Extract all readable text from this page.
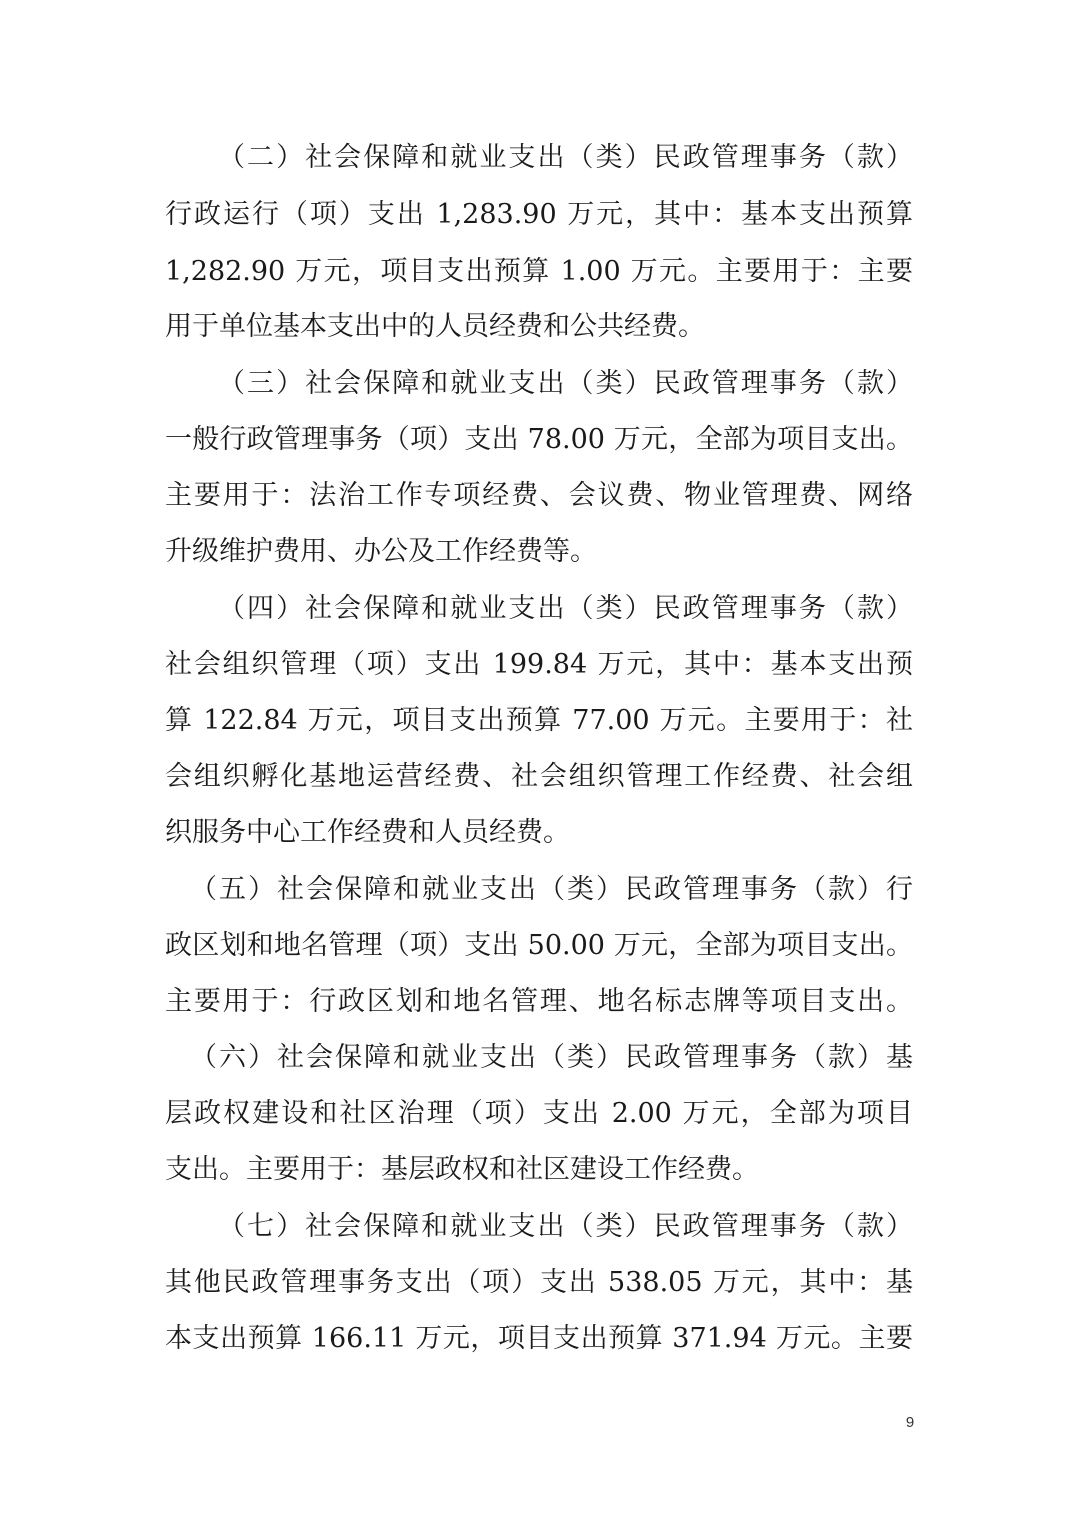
（二）社会保障和就业支出（类）民政管理事务（款）
行政运行（项）支出 1,283.90 万元，其中：基本支出预算
1,282.90 万元，项目支出预算 1.00 万元。主要用于：主要
用于单位基本支出中的人员经费和公共经费。
（三）社会保障和就业支出（类）民政管理事务（款）
一般行政管理事务（项）支出 78.00 万元，全部为项目支出。
主要用于：法治工作专项经费、会议费、物业管理费、网络
升级维护费用、办公及工作经费等。
（四）社会保障和就业支出（类）民政管理事务（款）
社会组织管理（项）支出 199.84 万元，其中：基本支出预
算 122.84 万元，项目支出预算 77.00 万元。主要用于：社
会组织孵化基地运营经费、社会组织管理工作经费、社会组
织服务中心工作经费和人员经费。
（五）社会保障和就业支出（类）民政管理事务（款）行
政区划和地名管理（项）支出 50.00 万元，全部为项目支出。
主要用于：行政区划和地名管理、地名标志牌等项目支出。
（六）社会保障和就业支出（类）民政管理事务（款）基
层政权建设和社区治理（项）支出 2.00 万元，全部为项目
支出。主要用于：基层政权和社区建设工作经费。
（七）社会保障和就业支出（类）民政管理事务（款）
其他民政管理事务支出（项）支出 538.05 万元，其中：基
本支出预算 166.11 万元，项目支出预算 371.94 万元。主要
9
